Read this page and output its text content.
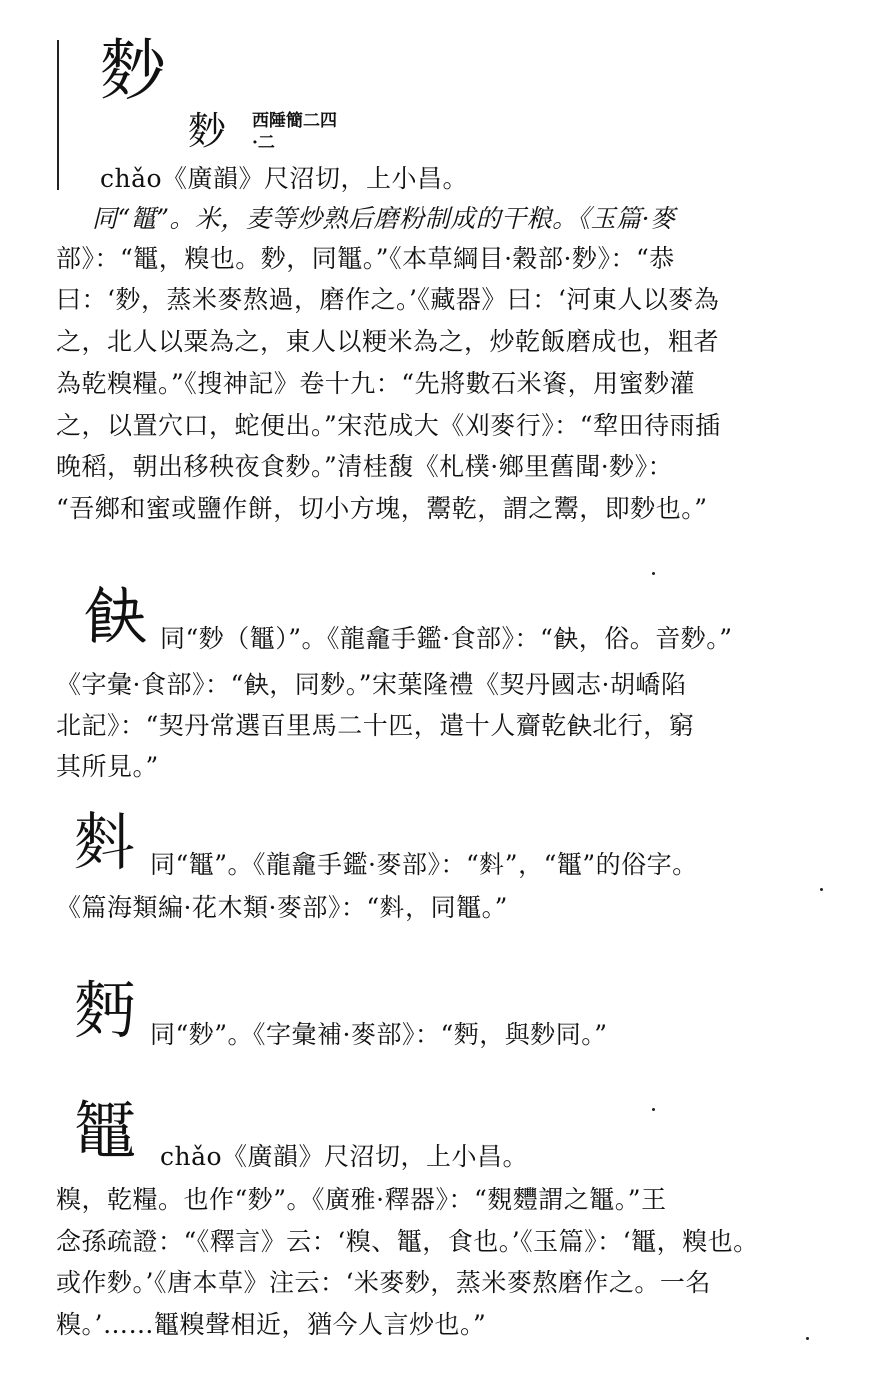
麨
麨 西陲簡二四
·二
chǎo《廣韻》尺沼切，上小昌。
同“䵹”。米，麦等炒熟后磨粉制成的干粮。《玉篇·麥
部》：“䵹，糗也。麨，同䵹。”《本草綱目·穀部·麨》：“恭
曰：‘麨，蒸米麥熬過，磨作之。’《藏器》曰：‘河東人以麥為
之，北人以粟為之，東人以粳米為之，炒乾飯磨成也，粗者
為乾糗糧。”《搜神記》卷十九：“先將數石米餈，用蜜麨灌
之，以置穴口，蛇便出。”宋范成大《刈麥行》：“犂田待雨插
晚稻，朝出移秧夜食麨。”清桂馥《札樸·鄉里舊聞·麨》：
“吾鄉和蜜或鹽作餅，切小方塊，䰞乾，謂之䰞，即麨也。”
𩚟 同“麨（䵹）”。《龍龕手鑑·食部》：“𩚟，俗。音麨。”
《字彙·食部》：“𩚟，同麨。”宋葉隆禮《契丹國志·胡嶠陷
北記》：“契丹常選百里馬二十匹，遣十人齎乾𩚟北行，窮
其所見。”
𪌉 同“䵹”。《龍龕手鑑·麥部》：“𪌉”，“䵹”的俗字。
《篇海類編·花木類·麥部》：“𪌉，同䵹。”
麪 同“麨”。《字彙補·麥部》：“麪，與麨同。”
䵹 chǎo《廣韻》尺沼切，上小昌。
糗，乾糧。也作“麨”。《廣雅·釋器》：“麲麷謂之䵹。”王
念孫疏證：“《釋言》云：‘糗、䵹，食也。’《玉篇》：‘䵹，糗也。
或作麨。’《唐本草》注云：‘米麥麨，蒸米麥熬磨作之。一名
糗。’……䵹糗聲相近，猶今人言炒也。”
